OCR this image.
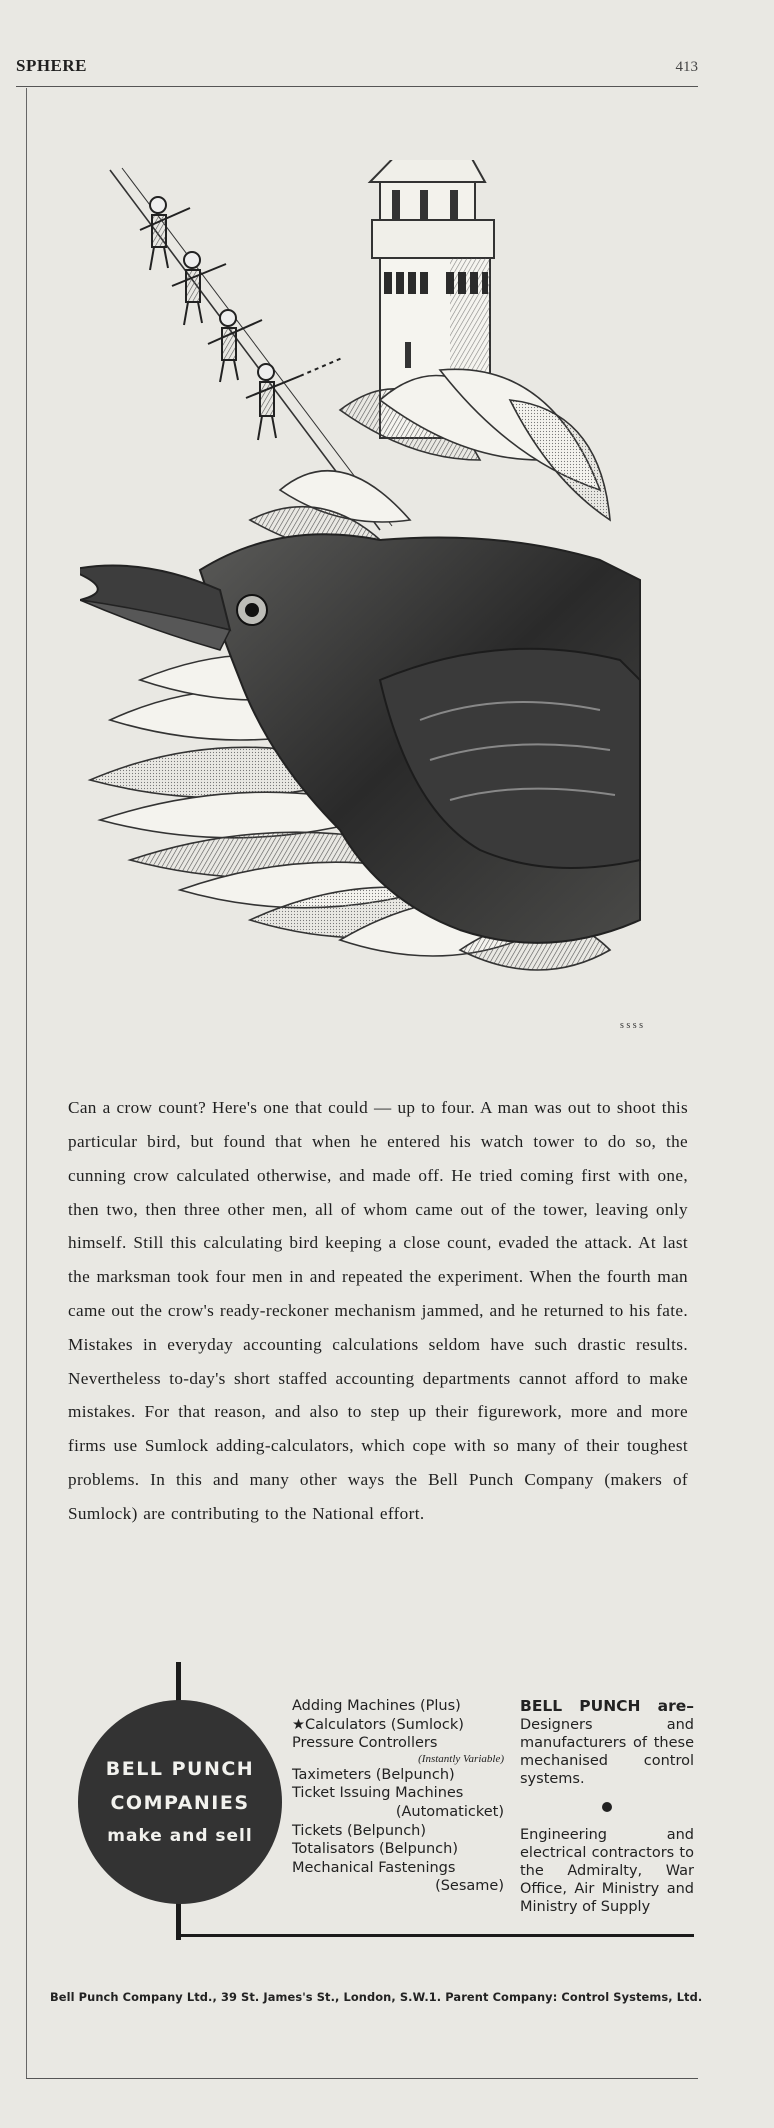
SPHERE	413
s s s s

Can a crow count? Here's one that could — up to four. A man was out to shoot this particular bird, but found that when he entered his watch tower to do so, the cunning crow calculated otherwise, and made off. He tried coming first with one, then two, then three other men, all of whom came out of the tower, leaving only himself. Still this calculating bird keeping a close count, evaded the attack. At last the marksman took four men in and repeated the experiment. When the fourth man came out the crow's ready-reckoner mechanism jammed, and he returned to his fate. Mistakes in everyday accounting calculations seldom have such drastic results. Nevertheless to-day's short staffed accounting departments cannot afford to make mistakes. For that reason, and also to step up their figurework, more and more firms use Sumlock adding-calculators, which cope with so many of their toughest problems. In this and many other ways the Bell Punch Company (makers of Sumlock) are contributing to the National effort.

BELL PUNCH
COMPANIES
make and sell
Adding Machines (Plus)
★Calculators (Sumlock)
Pressure Controllers
(Instantly Variable)
Taximeters (Belpunch)
Ticket Issuing Machines
(Automaticket)
Tickets (Belpunch)
Totalisators (Belpunch)
Mechanical Fastenings
(Sesame)
BELL PUNCH are– Designers and manufacturers of these mechanised control systems.
Engineering and electrical contractors to the Admiralty, War Office, Air Ministry and Ministry of Supply
Bell Punch Company Ltd., 39 St. James's St., London, S.W.1. Parent Company: Control Systems, Ltd.
